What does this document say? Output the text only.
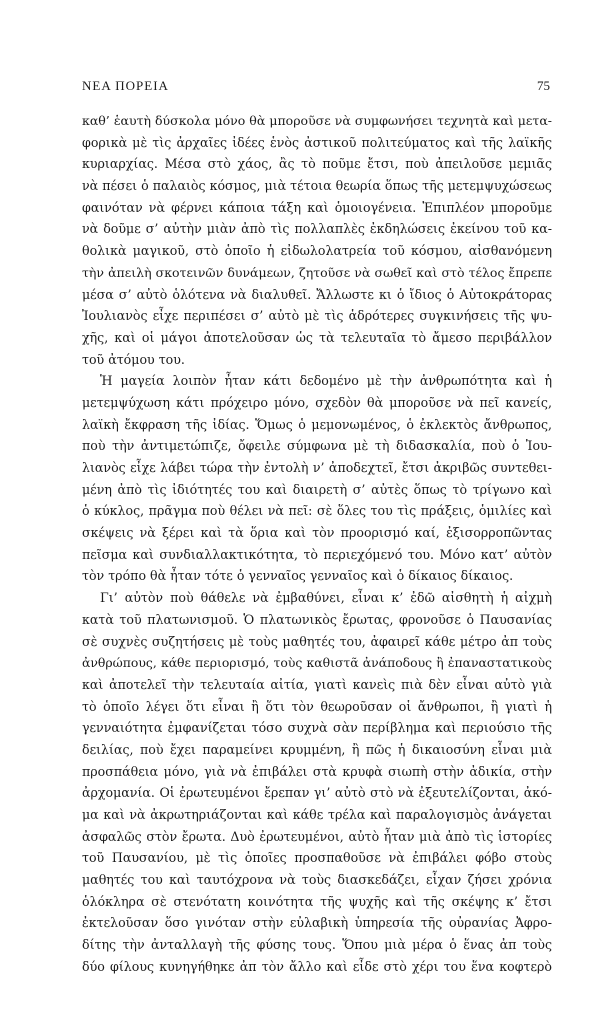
ΝΕΑ ΠΟΡΕΙΑ	75
καθ’ ἑαυτὴ δύσκολα μόνο θὰ μποροῦσε νὰ συμφωνήσει τεχνητὰ καὶ μετα-
φορικὰ μὲ τὶς ἀρχαῖες ἰδέες ἑνὸς ἀστικοῦ πολιτεύματος καὶ τῆς λαϊκῆς
κυριαρχίας. Μέσα στὸ χάος, ἂς τὸ ποῦμε ἔτσι, ποὺ ἀπειλοῦσε μεμιᾶς
νὰ πέσει ὁ παλαιὸς κόσμος, μιὰ τέτοια θεωρία ὅπως τῆς μετεμψυχώσεως
φαινόταν νὰ φέρνει κάποια τάξη καὶ ὁμοιογένεια. Ἐπιπλέον μποροῦμε
νὰ δοῦμε σ’ αὐτὴν μιὰν ἀπὸ τὶς πολλαπλὲς ἐκδηλώσεις ἐκείνου τοῦ κα-
θολικὰ μαγικοῦ, στὸ ὁποῖο ἡ εἰδωλολατρεία τοῦ κόσμου, αἰσθανόμενη
τὴν ἀπειλὴ σκοτεινῶν δυνάμεων, ζητοῦσε νὰ σωθεῖ καὶ στὸ τέλος ἔπρεπε
μέσα σ’ αὐτὸ ὁλότενα νὰ διαλυθεῖ. Ἄλλωστε κι ὁ ἴδιος ὁ Αὐτοκράτορας
Ἰουλιανὸς εἶχε περιπέσει σ’ αὐτὸ μὲ τὶς ἁδρότερες συγκινήσεις τῆς ψυ-
χῆς, καὶ οἱ μάγοι ἀποτελοῦσαν ὡς τὰ τελευταῖα τὸ ἄμεσο περιβάλλον
τοῦ ἀτόμου του.
Ἡ μαγεία λοιπὸν ἦταν κάτι δεδομένο μὲ τὴν ἀνθρωπότητα καὶ ἡ
μετεμψύχωση κάτι πρόχειρο μόνο, σχεδὸν θὰ μποροῦσε νὰ πεῖ κανείς,
λαϊκὴ ἔκφραση τῆς ἰδίας. Ὅμως ὁ μεμονωμένος, ὁ ἐκλεκτὸς ἄνθρωπος,
ποὺ τὴν ἀντιμετώπιζε, ὄφειλε σύμφωνα μὲ τὴ διδασκαλία, ποὺ ὁ Ἰου-
λιανὸς εἶχε λάβει τώρα τὴν ἐντολὴ ν’ ἀποδεχτεῖ, ἔτσι ἀκριβῶς συντεθει-
μένη ἀπὸ τὶς ἰδιότητές του καὶ διαιρετὴ σ’ αὐτὲς ὅπως τὸ τρίγωνο καὶ
ὁ κύκλος, πρᾶγμα ποὺ θέλει νὰ πεῖ: σὲ ὅλες του τὶς πράξεις, ὁμιλίες καὶ
σκέψεις νὰ ξέρει καὶ τὰ ὅρια καὶ τὸν προορισμό καί, ἐξισορροπῶντας
πεῖσμα καὶ συνδιαλλακτικότητα, τὸ περιεχόμενό του. Μόνο κατ’ αὐτὸν
τὸν τρόπο θὰ ἦταν τότε ὁ γενναῖος γενναῖος καὶ ὁ δίκαιος δίκαιος.
Γι’ αὐτὸν ποὺ θάθελε νὰ ἐμβαθύνει, εἶναι κ’ ἐδῶ αἰσθητὴ ἡ αἰχμὴ
κατὰ τοῦ πλατωνισμοῦ. Ὁ πλατωνικὸς ἔρωτας, φρονοῦσε ὁ Παυσανίας
σὲ συχνὲς συζητήσεις μὲ τοὺς μαθητές του, ἀφαιρεῖ κάθε μέτρο ἀπ τοὺς
ἀνθρώπους, κάθε περιορισμό, τοὺς καθιστᾶ ἀνάποδους ἢ ἐπαναστατικοὺς
καὶ ἀποτελεῖ τὴν τελευταία αἰτία, γιατὶ κανεὶς πιὰ δὲν εἶναι αὐτὸ γιὰ
τὸ ὁποῖο λέγει ὅτι εἶναι ἢ ὅτι τὸν θεωροῦσαν οἱ ἄνθρωποι, ἢ γιατὶ ἡ
γενναιότητα ἐμφανίζεται τόσο συχνὰ σὰν περίβλημα καὶ περιούσιο τῆς
δειλίας, ποὺ ἔχει παραμείνει κρυμμένη, ἢ πῶς ἡ δικαιοσύνη εἶναι μιὰ
προσπάθεια μόνο, γιὰ νὰ ἐπιβάλει στὰ κρυφὰ σιωπὴ στὴν ἀδικία, στὴν
ἀρχομανία. Οἱ ἐρωτευμένοι ἔρεπαν γι’ αὐτὸ στὸ νὰ ἐξευτελίζονται, ἀκό-
μα καὶ νὰ ἀκρωτηριάζονται καὶ κάθε τρέλα καὶ παραλογισμὸς ἀνάγεται
ἀσφαλῶς στὸν ἔρωτα. Δυὸ ἐρωτευμένοι, αὐτὸ ἦταν μιὰ ἀπὸ τὶς ἱστορίες
τοῦ Παυσανίου, μὲ τὶς ὁποῖες προσπαθοῦσε νὰ ἐπιβάλει φόβο στοὺς
μαθητές του καὶ ταυτόχρονα νὰ τοὺς διασκεδάζει, εἶχαν ζήσει χρόνια
ὁλόκληρα σὲ στενότατη κοινότητα τῆς ψυχῆς καὶ τῆς σκέψης κ’ ἔτσι
ἐκτελοῦσαν ὅσο γινόταν στὴν εὐλαβικὴ ὑπηρεσία τῆς οὐρανίας Ἀφρο-
δίτης τὴν ἀνταλλαγὴ τῆς φύσης τους. Ὅπου μιὰ μέρα ὁ ἕνας ἀπ τοὺς
δύο φίλους κυνηγήθηκε ἀπ τὸν ἄλλο καὶ εἶδε στὸ χέρι του ἕνα κοφτερὸ
